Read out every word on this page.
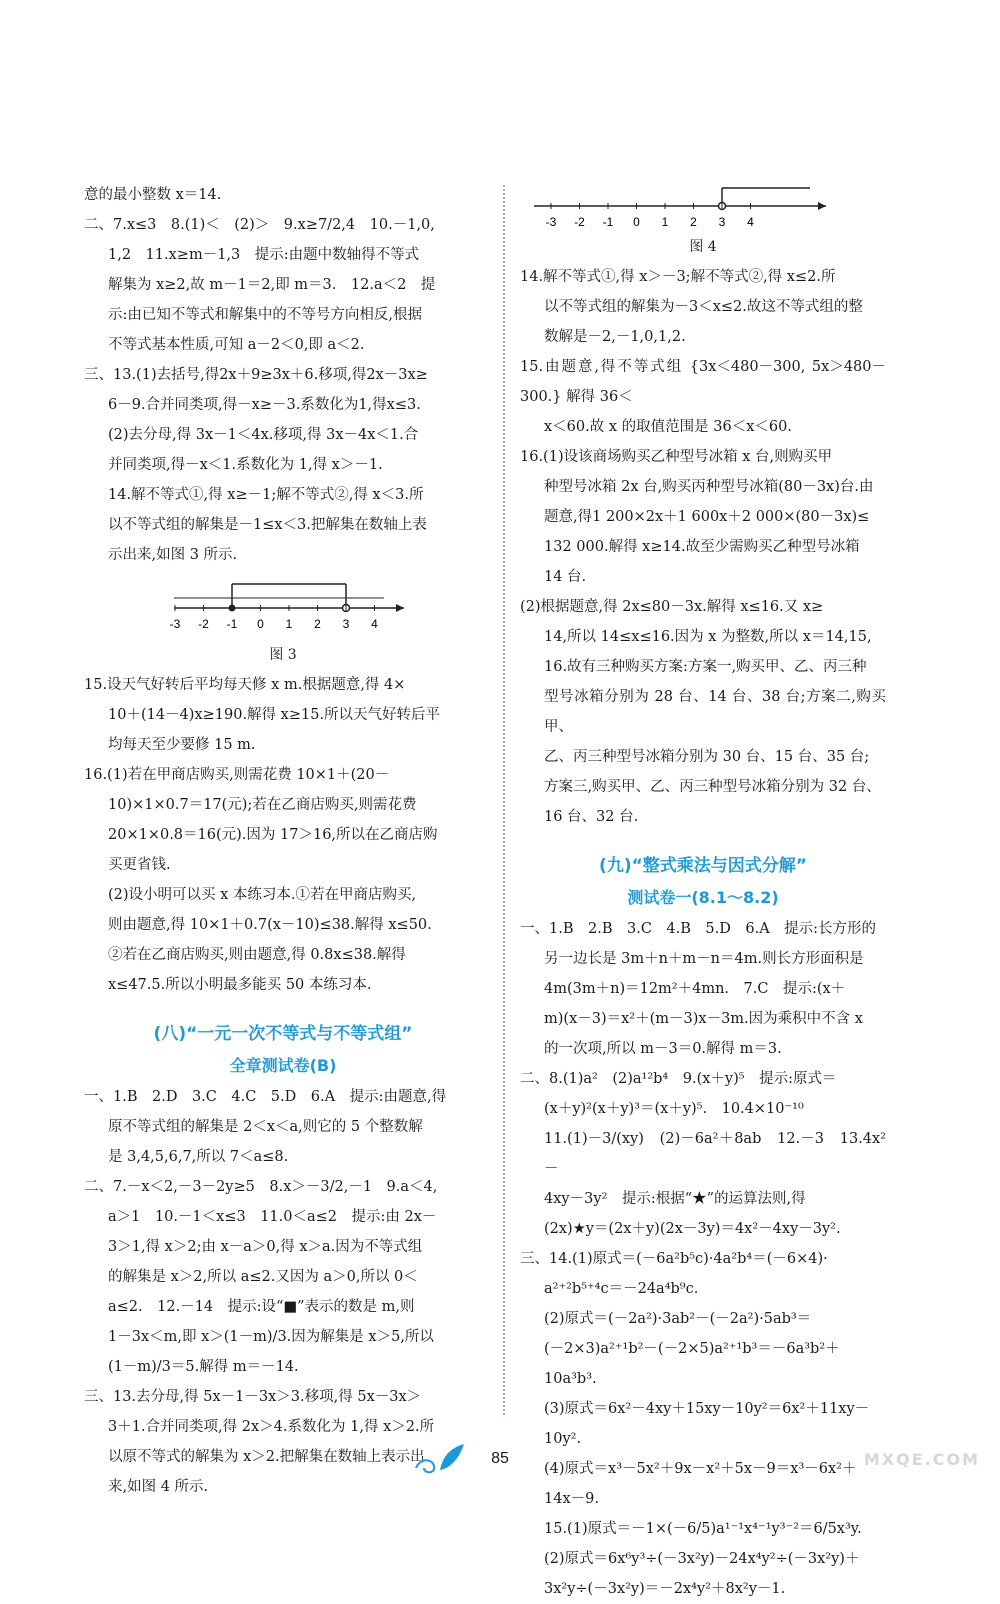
意的最小整数 x＝14.

二、7.x≤3　8.(1)＜　(2)＞　9.x≥7/2,4　10.－1,0,

1,2　11.x≥m－1,3　提示:由题中数轴得不等式

解集为 x≥2,故 m－1＝2,即 m＝3.　12.a＜2　提

示:由已知不等式和解集中的不等号方向相反,根据

不等式基本性质,可知 a－2＜0,即 a＜2.

三、13.(1)去括号,得2x＋9≥3x＋6.移项,得2x－3x≥

6－9.合并同类项,得－x≥－3.系数化为1,得x≤3.

(2)去分母,得 3x－1＜4x.移项,得 3x－4x＜1.合

并同类项,得－x＜1.系数化为 1,得 x＞－1.

14.解不等式①,得 x≥－1;解不等式②,得 x＜3.所

以不等式组的解集是－1≤x＜3.把解集在数轴上表

示出来,如图 3 所示.

-3 -2 -1 0 1 2 3 4
图 3

15.设天气好转后平均每天修 x m.根据题意,得 4×

10＋(14－4)x≥190.解得 x≥15.所以天气好转后平

均每天至少要修 15 m.

16.(1)若在甲商店购买,则需花费 10×1＋(20－

10)×1×0.7＝17(元);若在乙商店购买,则需花费

20×1×0.8＝16(元).因为 17＞16,所以在乙商店购

买更省钱.

(2)设小明可以买 x 本练习本.①若在甲商店购买,

则由题意,得 10×1＋0.7(x－10)≤38.解得 x≤50.

②若在乙商店购买,则由题意,得 0.8x≤38.解得

x≤47.5.所以小明最多能买 50 本练习本.

(八)“一元一次不等式与不等式组”
全章测试卷(B)

一、1.B　2.D　3.C　4.C　5.D　6.A　提示:由题意,得

原不等式组的解集是 2＜x＜a,则它的 5 个整数解

是 3,4,5,6,7,所以 7＜a≤8.

二、7.－x＜2,－3－2y≥5　8.x＞－3/2,－1　9.a＜4,

a＞1　10.－1＜x≤3　11.0＜a≤2　提示:由 2x－

3＞1,得 x＞2;由 x－a＞0,得 x＞a.因为不等式组

的解集是 x＞2,所以 a≤2.又因为 a＞0,所以 0＜

a≤2.　12.－14　提示:设“■”表示的数是 m,则

1－3x＜m,即 x＞(1－m)/3.因为解集是 x＞5,所以

(1－m)/3＝5.解得 m＝－14.

三、13.去分母,得 5x－1－3x＞3.移项,得 5x－3x＞

3＋1.合并同类项,得 2x＞4.系数化为 1,得 x＞2.所

以原不等式的解集为 x＞2.把解集在数轴上表示出

来,如图 4 所示.

-3 -2 -1 0 1 2 3 4
图 4

14.解不等式①,得 x＞－3;解不等式②,得 x≤2.所

以不等式组的解集为－3＜x≤2.故这不等式组的整

数解是－2,－1,0,1,2.

15.由题意,得不等式组 {3x＜480－300, 5x＞480－300.} 解得 36＜

x＜60.故 x 的取值范围是 36＜x＜60.

16.(1)设该商场购买乙种型号冰箱 x 台,则购买甲

种型号冰箱 2x 台,购买丙种型号冰箱(80－3x)台.由

题意,得1 200×2x＋1 600x＋2 000×(80－3x)≤

132 000.解得 x≥14.故至少需购买乙种型号冰箱

14 台.

(2)根据题意,得 2x≤80－3x.解得 x≤16.又 x≥

14,所以 14≤x≤16.因为 x 为整数,所以 x＝14,15,

16.故有三种购买方案:方案一,购买甲、乙、丙三种

型号冰箱分别为 28 台、14 台、38 台;方案二,购买甲、

乙、丙三种型号冰箱分别为 30 台、15 台、35 台;

方案三,购买甲、乙、丙三种型号冰箱分别为 32 台、

16 台、32 台.

(九)“整式乘法与因式分解”
测试卷一(8.1～8.2)

一、1.B　2.B　3.C　4.B　5.D　6.A　提示:长方形的

另一边长是 3m＋n＋m－n＝4m.则长方形面积是

4m(3m＋n)＝12m²＋4mn.　7.C　提示:(x＋

m)(x－3)＝x²＋(m－3)x－3m.因为乘积中不含 x

的一次项,所以 m－3＝0.解得 m＝3.

二、8.(1)a²　(2)a¹²b⁴　9.(x＋y)⁵　提示:原式＝

(x＋y)²(x＋y)³＝(x＋y)⁵.　10.4×10⁻¹⁰

11.(1)－3/(xy)　(2)－6a²＋8ab　12.－3　13.4x²－

4xy－3y²　提示:根据“★”的运算法则,得

(2x)★y＝(2x＋y)(2x－3y)＝4x²－4xy－3y².

三、14.(1)原式＝(－6a²b⁵c)·4a²b⁴＝(－6×4)·

a²⁺²b⁵⁺⁴c＝－24a⁴b⁹c.

(2)原式＝(－2a²)·3ab²－(－2a²)·5ab³＝

(－2×3)a²⁺¹b²－(－2×5)a²⁺¹b³＝－6a³b²＋

10a³b³.

(3)原式＝6x²－4xy＋15xy－10y²＝6x²＋11xy－

10y².

(4)原式＝x³－5x²＋9x－x²＋5x－9＝x³－6x²＋

14x－9.

15.(1)原式＝－1×(－6/5)a¹⁻¹x⁴⁻¹y³⁻²＝6/5x³y.

(2)原式＝6x⁶y³÷(－3x²y)－24x⁴y²÷(－3x²y)＋

3x²y÷(－3x²y)＝－2x⁴y²＋8x²y－1.

85	MXQE.COM
